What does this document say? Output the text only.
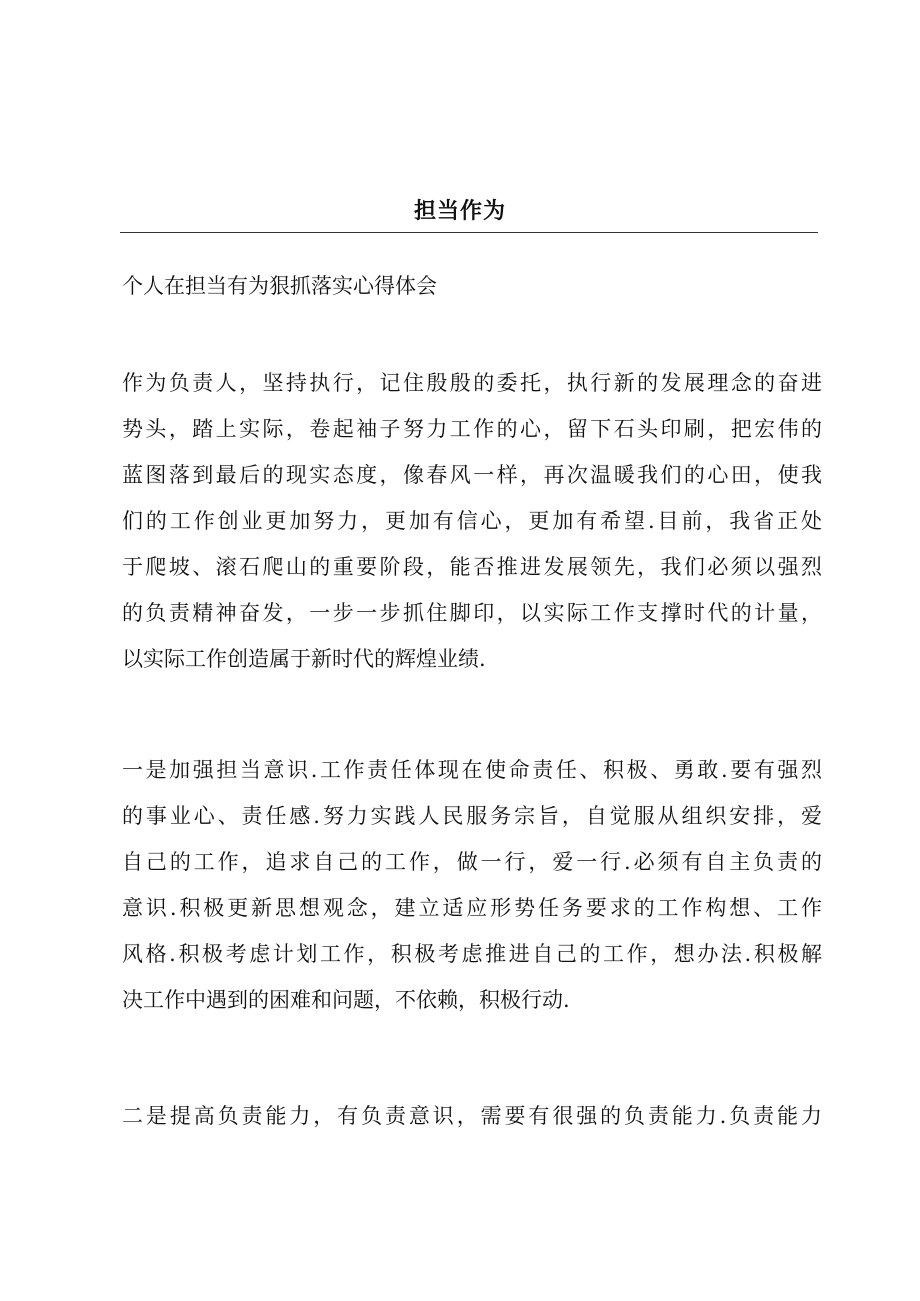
担当作为
个人在担当有为狠抓落实心得体会
作为负责人，坚持执行，记住殷殷的委托，执行新的发展理念的奋进
势头，踏上实际，卷起袖子努力工作的心，留下石头印刷，把宏伟的
蓝图落到最后的现实态度，像春风一样，再次温暖我们的心田，使我
们的工作创业更加努力，更加有信心，更加有希望.目前，我省正处
于爬坡、滚石爬山的重要阶段，能否推进发展领先，我们必须以强烈
的负责精神奋发，一步一步抓住脚印，以实际工作支撑时代的计量，
以实际工作创造属于新时代的辉煌业绩.
一是加强担当意识.工作责任体现在使命责任、积极、勇敢.要有强烈
的事业心、责任感.努力实践人民服务宗旨，自觉服从组织安排，爱
自己的工作，追求自己的工作，做一行，爱一行.必须有自主负责的
意识.积极更新思想观念，建立适应形势任务要求的工作构想、工作
风格.积极考虑计划工作，积极考虑推进自己的工作，想办法.积极解
决工作中遇到的困难和问题，不依赖，积极行动.
二是提高负责能力，有负责意识，需要有很强的负责能力.负责能力
